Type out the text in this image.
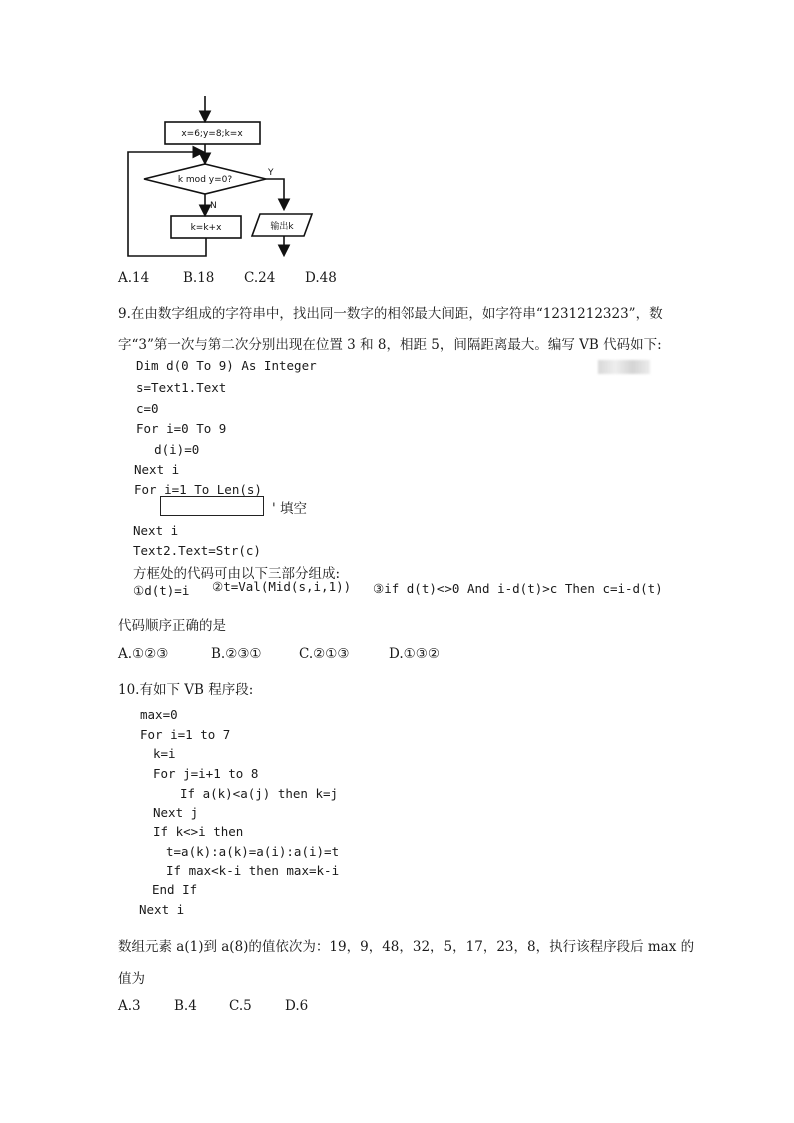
x=6;y=8;k=x
k mod y=0?
Y
N
k=k+x	输出k
A.14	B.18 C.24 D.48
9.在由数字组成的字符串中，找出同一数字的相邻最大间距，如字符串“1231212323”，数
字“3”第一次与第二次分别出现在位置 3 和 8，相距 5，间隔距离最大。编写 VB 代码如下:
Dim d(0 To 9) As Integer
s=Text1.Text
c=0
For i=0 To 9
d(i)=0
Next i
For i=1 To Len(s)
' 填空
Next i
Text2.Text=Str(c)
方框处的代码可由以下三部分组成:
①d(t)=i ②t=Val(Mid(s,i,1)) ③if d(t)<>0 And i-d(t)>c Then c=i-d(t)
代码顺序正确的是
A.①②③	B.②③①	C.②①③	D.①③②
10.有如下 VB 程序段:
max=0
For i=1 to 7
k=i
For j=i+1 to 8
If a(k)<a(j) then k=j
Next j
If k<>i then
t=a(k):a(k)=a(i):a(i)=t
If max<k-i then max=k-i
End If
Next i
数组元素 a(1)到 a(8)的值依次为：19，9，48，32，5，17，23，8，执行该程序段后 max 的
值为
A.3 B.4 C.5 D.6
